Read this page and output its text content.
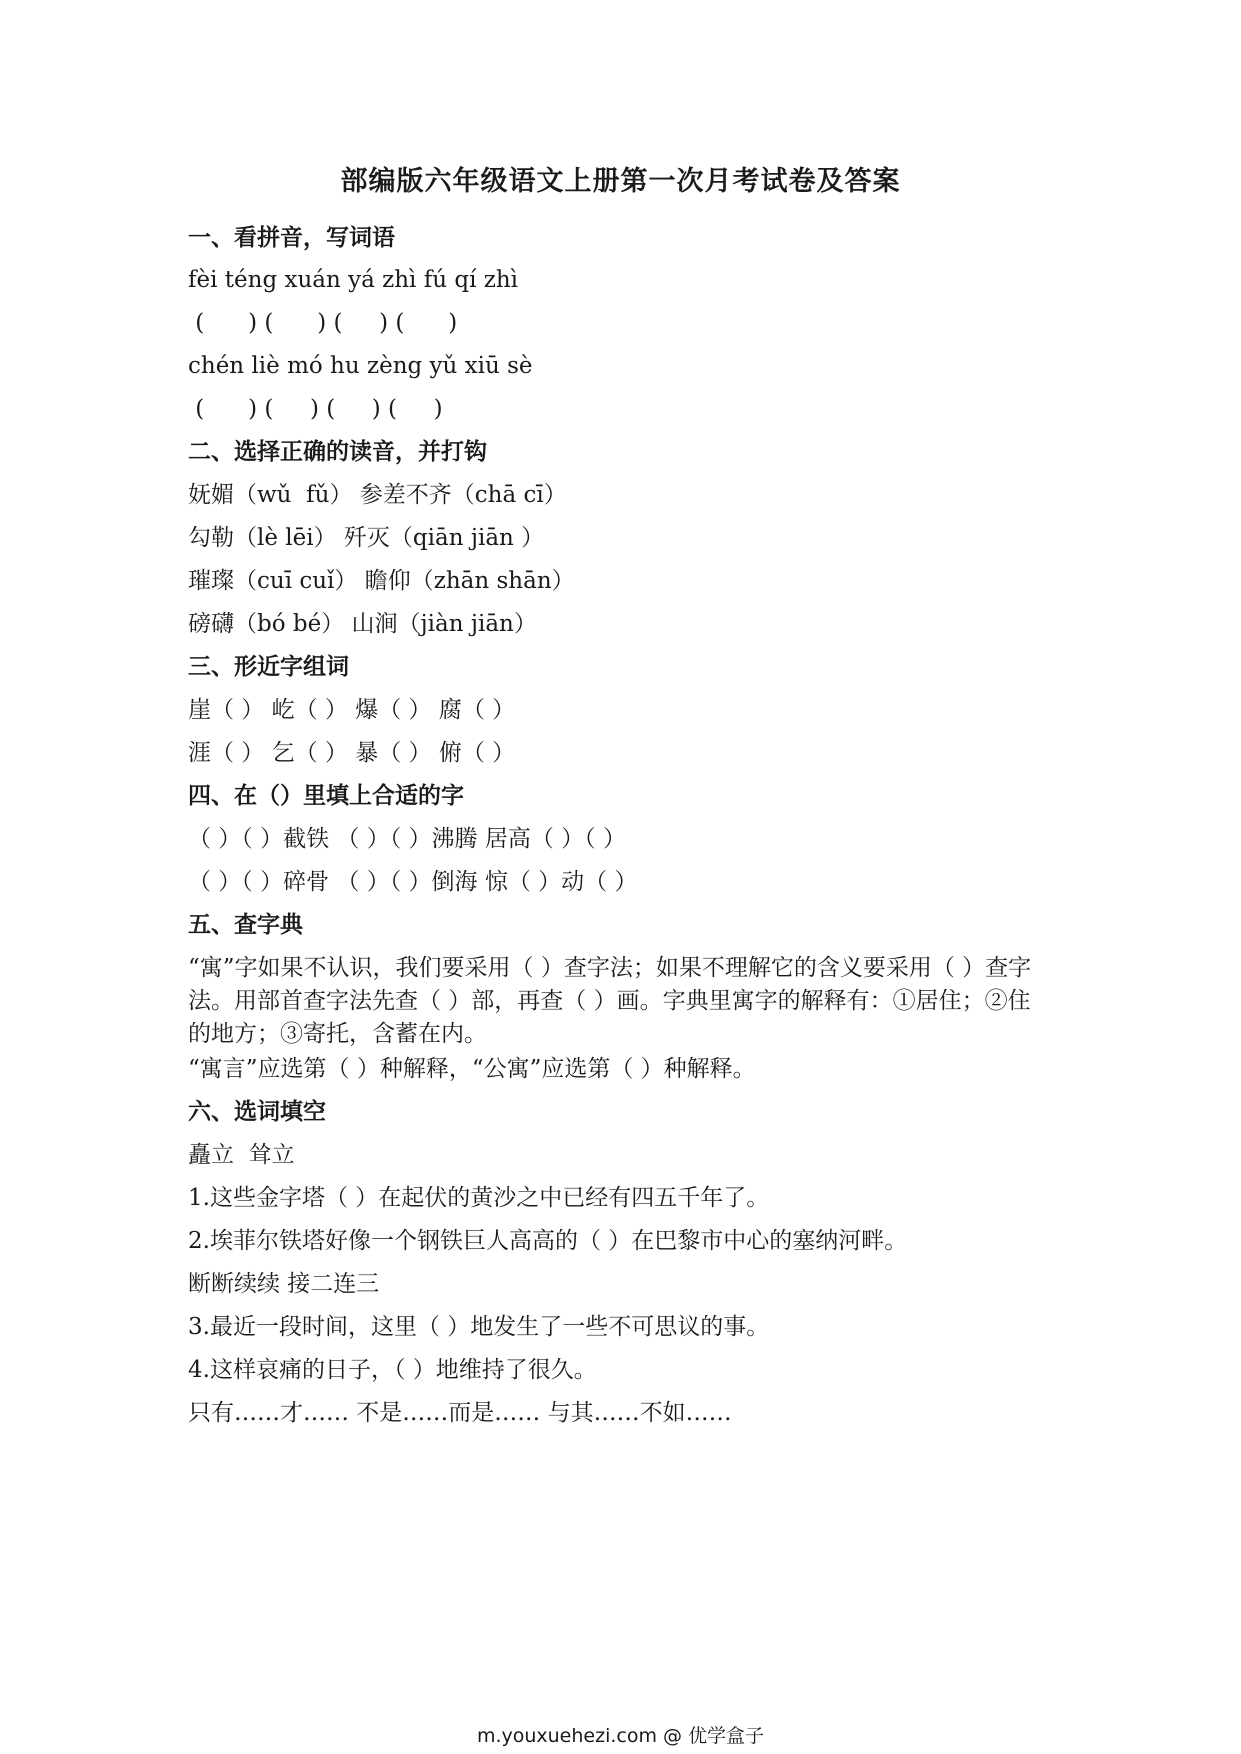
部编版六年级语文上册第一次月考试卷及答案
一、看拼音，写词语
fèi téng xuán yá zhì fú qí zhì
(      ) (      ) (     ) (      )
chén liè mó hu zèng yǔ xiū sè
(      ) (     ) (     ) (     )
二、选择正确的读音，并打钩
妩媚（wǔ  fǔ） 参差不齐（chā cī）
勾勒（lè lēi） 歼灭（qiān jiān ）
璀璨（cuī cuǐ） 瞻仰（zhān shān）
磅礴（bó bé） 山涧（jiàn jiān）
三、形近字组词
崖（ ） 屹（ ） 爆（ ） 腐（ ）
涯（ ） 乞（ ） 暴（ ） 俯（ ）
四、在（）里填上合适的字
（ ）（ ）截铁 （ ）（ ）沸腾 居高（ ）（ ）
（ ）（ ）碎骨 （ ）（ ）倒海 惊（ ）动（ ）
五、查字典
“寓”字如果不认识，我们要采用（ ）查字法；如果不理解它的含义要采用（ ）查字法。用部首查字法先查（ ）部，再查（ ）画。字典里寓字的解释有：①居住；②住的地方；③寄托，含蓄在内。
“寓言”应选第（ ）种解释，“公寓”应选第（ ）种解释。
六、选词填空
矗立  耸立
1.这些金字塔（ ）在起伏的黄沙之中已经有四五千年了。
2.埃菲尔铁塔好像一个钢铁巨人高高的（ ）在巴黎市中心的塞纳河畔。
断断续续 接二连三
3.最近一段时间，这里（ ）地发生了一些不可思议的事。
4.这样哀痛的日子，（ ）地维持了很久。
只有……才…… 不是……而是…… 与其……不如……
m.youxuehezi.com @ 优学盒子
